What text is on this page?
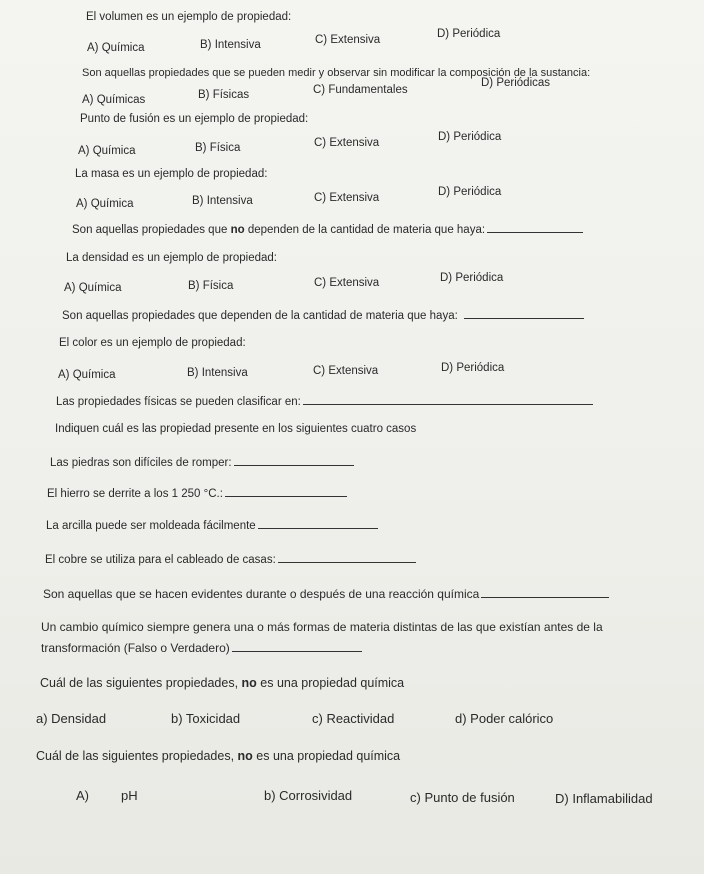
El volumen es un ejemplo de propiedad:
A) Química	B) Intensiva	C) Extensiva	D) Periódica
Son aquellas propiedades que se pueden medir y observar sin modificar la composición de la sustancia:
A) Químicas	B) Físicas	C) Fundamentales
D) Periódicas
Punto de fusión es un ejemplo de propiedad:
A) Química	B) Física	C) Extensiva	D) Periódica
La masa es un ejemplo de propiedad:
A) Química	B) Intensiva	C) Extensiva	D) Periódica
Son aquellas propiedades que no dependen de la cantidad de materia que haya:
La densidad es un ejemplo de propiedad:
A) Química	B) Física	C) Extensiva	D) Periódica
Son aquellas propiedades que dependen de la cantidad de materia que haya:
El color es un ejemplo de propiedad:
A) Química	B) Intensiva	C) Extensiva	D) Periódica
Las propiedades físicas se pueden clasificar en:
Indiquen cuál es las propiedad presente en los siguientes cuatro casos
Las piedras son difíciles de romper:
El hierro se derrite a los 1 250 °C.:
La arcilla puede ser moldeada fácilmente
El cobre se utiliza para el cableado de casas:
Son aquellas que se hacen evidentes durante o después de una reacción química
Un cambio químico siempre genera una o más formas de materia distintas de las que existían antes de la
transformación (Falso o Verdadero)
Cuál de las siguientes propiedades, no es una propiedad química
a) Densidad	b) Toxicidad	c) Reactividad	d) Poder calórico
Cuál de las siguientes propiedades, no es una propiedad química
A) pH	b) Corrosividad	c) Punto de fusión	D) Inflamabilidad
